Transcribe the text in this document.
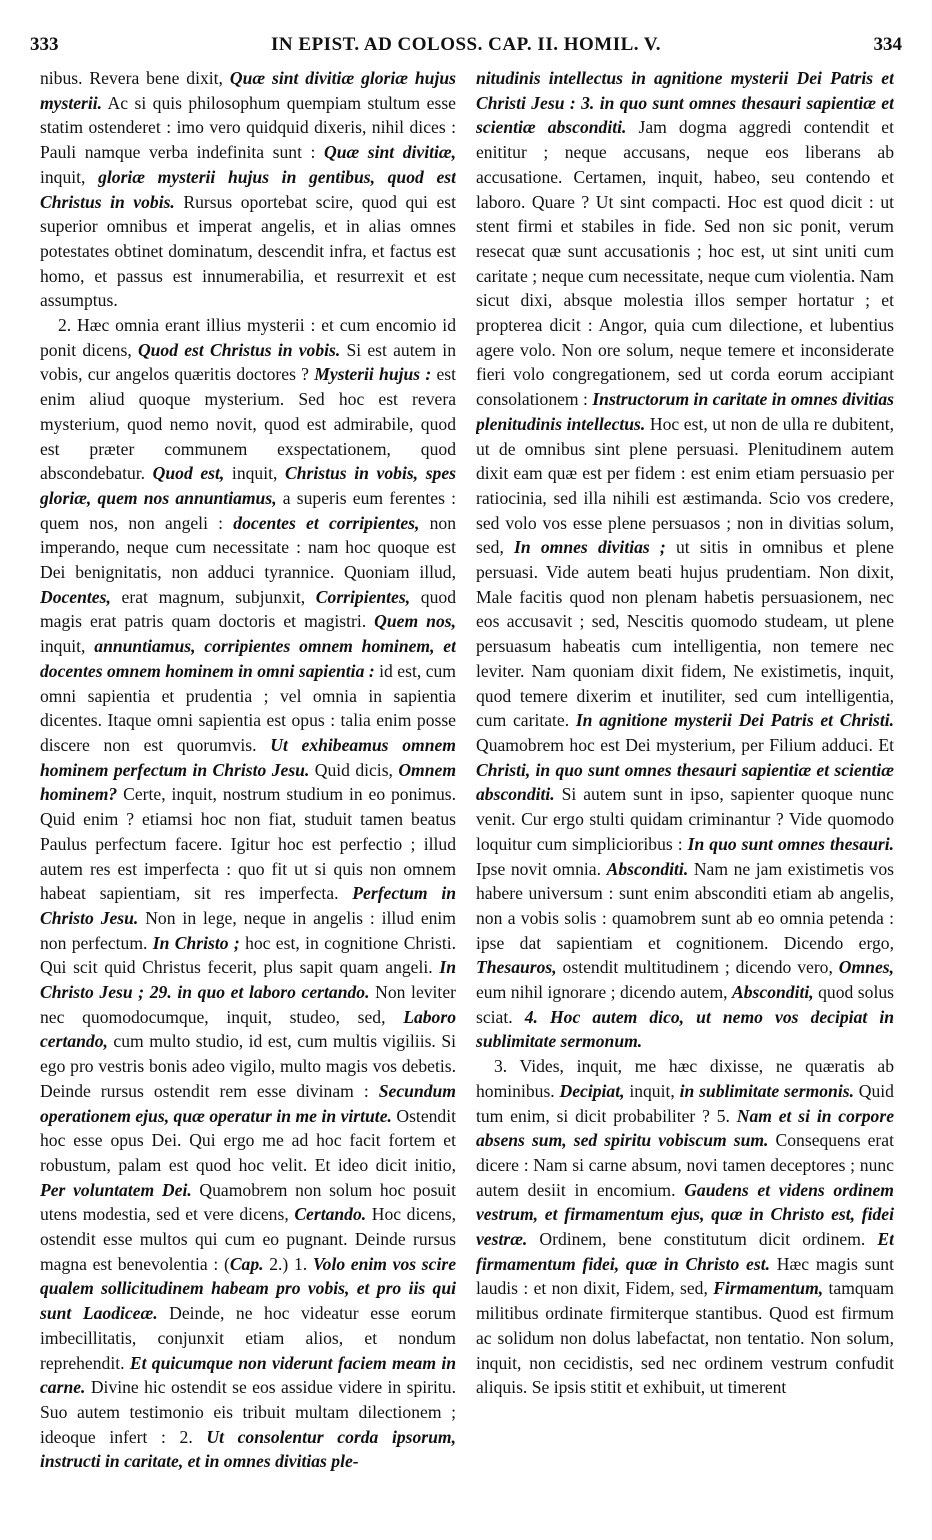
333	IN EPIST. AD COLOSS. CAP. II. HOMIL. V.	334

nibus. Revera bene dixit, Quæ sint divitiæ gloriæ hujus mysterii. Ac si quis philosophum quempiam stultum esse statim ostenderet : imo vero quidquid dixeris, nihil dices : Pauli namque verba indefinita sunt : Quæ sint divitiæ, inquit, gloriæ mysterii hujus in gentibus, quod est Christus in vobis. Rursus oportebat scire, quod qui est superior omnibus et imperat angelis, et in alias omnes potestates obtinet dominatum, descendit infra, et factus est homo, et passus est innumerabilia, et resurrexit et est assumptus.

2. Hæc omnia erant illius mysterii : et cum encomio id ponit dicens, Quod est Christus in vobis. Si est autem in vobis, cur angelos quæritis doctores ? Mysterii hujus : est enim aliud quoque mysterium. Sed hoc est revera mysterium, quod nemo novit, quod est admirabile, quod est præter communem exspectationem, quod abscondebatur. Quod est, inquit, Christus in vobis, spes gloriæ, quem nos annuntiamus, a superis eum ferentes : quem nos, non angeli : docentes et corripientes, non imperando, neque cum necessitate : nam hoc quoque est Dei benignitatis, non adduci tyrannice. Quoniam illud, Docentes, erat magnum, subjunxit, Corripientes, quod magis erat patris quam doctoris et magistri. Quem nos, inquit, annuntiamus, corripientes omnem hominem, et docentes omnem hominem in omni sapientia : id est, cum omni sapientia et prudentia ; vel omnia in sapientia dicentes. Itaque omni sapientia est opus : talia enim posse discere non est quorumvis. Ut exhibeamus omnem hominem perfectum in Christo Jesu. Quid dicis, Omnem hominem? Certe, inquit, nostrum studium in eo ponimus. Quid enim ? etiamsi hoc non fiat, studuit tamen beatus Paulus perfectum facere. Igitur hoc est perfectio ; illud autem res est imperfecta : quo fit ut si quis non omnem habeat sapientiam, sit res imperfecta. Perfectum in Christo Jesu. Non in lege, neque in angelis : illud enim non perfectum. In Christo ; hoc est, in cognitione Christi. Qui scit quid Christus fecerit, plus sapit quam angeli. In Christo Jesu ; 29. in quo et laboro certando. Non leviter nec quomodocumque, inquit, studeo, sed, Laboro certando, cum multo studio, id est, cum multis vigiliis. Si ego pro vestris bonis adeo vigilo, multo magis vos debetis. Deinde rursus ostendit rem esse divinam : Secundum operationem ejus, quæ operatur in me in virtute. Ostendit hoc esse opus Dei. Qui ergo me ad hoc facit fortem et robustum, palam est quod hoc velit. Et ideo dicit initio, Per voluntatem Dei. Quamobrem non solum hoc posuit utens modestia, sed et vere dicens, Certando. Hoc dicens, ostendit esse multos qui cum eo pugnant. Deinde rursus magna est benevolentia : (Cap. 2.) 1. Volo enim vos scire qualem sollicitudinem habeam pro vobis, et pro iis qui sunt Laodiceæ. Deinde, ne hoc videatur esse eorum imbecillitatis, conjunxit etiam alios, et nondum reprehendit. Et quicumque non viderunt faciem meam in carne. Divine hic ostendit se eos assidue videre in spiritu. Suo autem testimonio eis tribuit multam dilectionem ; ideoque infert : 2. Ut consolentur corda ipsorum, instructi in caritate, et in omnes divitias ple-

nitudinis intellectus in agnitione mysterii Dei Patris et Christi Jesu : 3. in quo sunt omnes thesauri sapientiæ et scientiæ absconditi. Jam dogma aggredi contendit et enititur ; neque accusans, neque eos liberans ab accusatione. Certamen, inquit, habeo, seu contendo et laboro. Quare ? Ut sint compacti. Hoc est quod dicit : ut stent firmi et stabiles in fide. Sed non sic ponit, verum resecat quæ sunt accusationis ; hoc est, ut sint uniti cum caritate ; neque cum necessitate, neque cum violentia. Nam sicut dixi, absque molestia illos semper hortatur ; et propterea dicit : Angor, quia cum dilectione, et lubentius agere volo. Non ore solum, neque temere et inconsiderate fieri volo congregationem, sed ut corda eorum accipiant consolationem : Instructorum in caritate in omnes divitias plenitudinis intellectus. Hoc est, ut non de ulla re dubitent, ut de omnibus sint plene persuasi. Plenitudinem autem dixit eam quæ est per fidem : est enim etiam persuasio per ratiocinia, sed illa nihili est æstimanda. Scio vos credere, sed volo vos esse plene persuasos ; non in divitias solum, sed, In omnes divitias ; ut sitis in omnibus et plene persuasi. Vide autem beati hujus prudentiam. Non dixit, Male facitis quod non plenam habetis persuasionem, nec eos accusavit ; sed, Nescitis quomodo studeam, ut plene persuasum habeatis cum intelligentia, non temere nec leviter. Nam quoniam dixit fidem, Ne existimetis, inquit, quod temere dixerim et inutiliter, sed cum intelligentia, cum caritate. In agnitione mysterii Dei Patris et Christi. Quamobrem hoc est Dei mysterium, per Filium adduci. Et Christi, in quo sunt omnes thesauri sapientiæ et scientiæ absconditi. Si autem sunt in ipso, sapienter quoque nunc venit. Cur ergo stulti quidam criminantur ? Vide quomodo loquitur cum simplicioribus : In quo sunt omnes thesauri. Ipse novit omnia. Absconditi. Nam ne jam existimetis vos habere universum : sunt enim absconditi etiam ab angelis, non a vobis solis : quamobrem sunt ab eo omnia petenda : ipse dat sapientiam et cognitionem. Dicendo ergo, Thesauros, ostendit multitudinem ; dicendo vero, Omnes, eum nihil ignorare ; dicendo autem, Absconditi, quod solus sciat. 4. Hoc autem dico, ut nemo vos decipiat in sublimitate sermonum.

3. Vides, inquit, me hæc dixisse, ne quæratis ab hominibus. Decipiat, inquit, in sublimitate sermonis. Quid tum enim, si dicit probabiliter ? 5. Nam et si in corpore absens sum, sed spiritu vobiscum sum. Consequens erat dicere : Nam si carne absum, novi tamen deceptores ; nunc autem desiit in encomium. Gaudens et videns ordinem vestrum, et firmamentum ejus, quæ in Christo est, fidei vestræ. Ordinem, bene constitutum dicit ordinem. Et firmamentum fidei, quæ in Christo est. Hæc magis sunt laudis : et non dixit, Fidem, sed, Firmamentum, tamquam militibus ordinate firmiterque stantibus. Quod est firmum ac solidum non dolus labefactat, non tentatio. Non solum, inquit, non cecidistis, sed nec ordinem vestrum confudit aliquis. Se ipsis stitit et exhibuit, ut timerent
